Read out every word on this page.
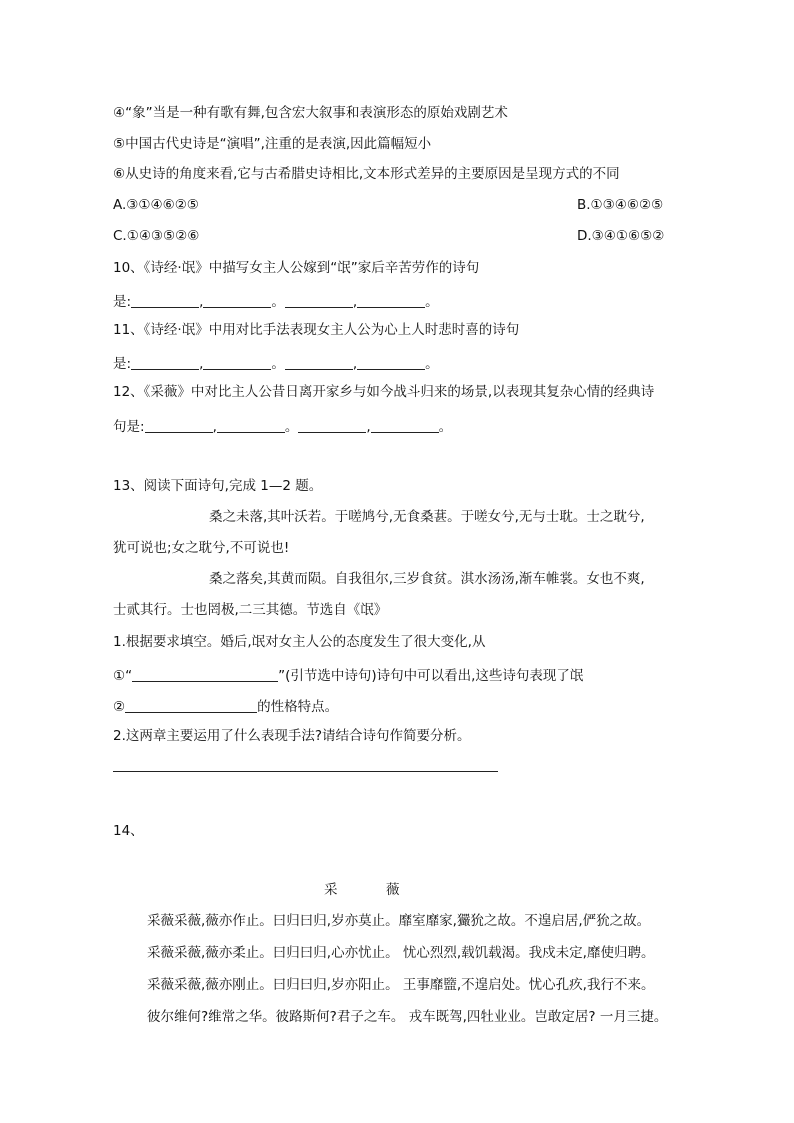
④“象”当是一种有歌有舞,包含宏大叙事和表演形态的原始戏剧艺术
⑤中国古代史诗是“演唱”,注重的是表演,因此篇幅短小
⑥从史诗的角度来看,它与古希腊史诗相比,文本形式差异的主要原因是呈现方式的不同
A.③①④⑥②⑤	B.①③④⑥②⑤
C.①④③⑤②⑥	D.③④①⑥⑤②
10、《诗经·氓》中描写女主人公嫁到“氓”家后辛苦劳作的诗句
是:	,	。	,	。
11、《诗经·氓》中用对比手法表现女主人公为心上人时悲时喜的诗句
是:	,	。	,	。
12、《采薇》中对比主人公昔日离开家乡与如今战斗归来的场景,以表现其复杂心情的经典诗
句是:	,	。	,	。
13、阅读下面诗句,完成 1—2 题。
桑之未落,其叶沃若。于嗟鸠兮,无食桑葚。于嗟女兮,无与士耽。士之耽兮,
犹可说也;女之耽兮,不可说也!
桑之落矣,其黄而陨。自我徂尔,三岁食贫。淇水汤汤,渐车帷裳。女也不爽,
士贰其行。士也罔极,二三其德。节选自《氓》
1.根据要求填空。婚后,氓对女主人公的态度发生了很大变化,从
①“	”(引节选中诗句)诗句中可以看出,这些诗句表现了氓
②	的性格特点。
2.这两章主要运用了什么表现手法?请结合诗句作简要分析。
14、
采	薇
采薇采薇,薇亦作止。曰归曰归,岁亦莫止。靡室靡家,玁狁之故。不遑启居,俨狁之故。
采薇采薇,薇亦柔止。曰归曰归,心亦忧止。 忧心烈烈,载饥载渴。我戍未定,靡使归聘。
采薇采薇,薇亦刚止。曰归曰归,岁亦阳止。 王事靡盬,不遑启处。忧心孔疚,我行不来。
彼尔维何?维常之华。彼路斯何?君子之车。 戎车既驾,四牡业业。岂敢定居? 一月三捷。
